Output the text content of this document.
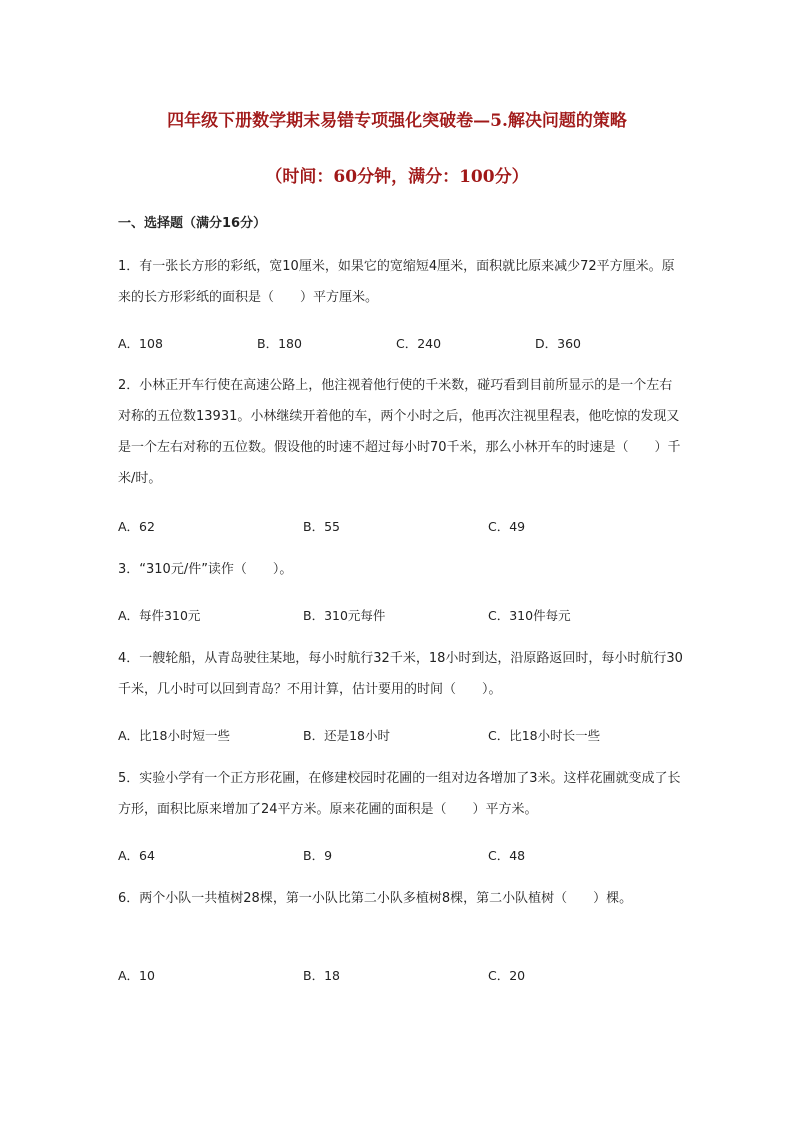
四年级下册数学期末易错专项强化突破卷—5.解决问题的策略
（时间：60分钟，满分：100分）
一、选择题（满分16分）
1．有一张长方形的彩纸，宽10厘米，如果它的宽缩短4厘米，面积就比原来减少72平方厘米。原来的长方形彩纸的面积是（　　）平方厘米。
A．108	B．180	C．240	D．360
2．小林正开车行使在高速公路上，他注视着他行使的千米数，碰巧看到目前所显示的是一个左右对称的五位数13931。小林继续开着他的车，两个小时之后，他再次注视里程表，他吃惊的发现又是一个左右对称的五位数。假设他的时速不超过每小时70千米，那么小林开车的时速是（　　）千米/时。
A．62	B．55	C．49
3．“310元/件”读作（　　）。
A．每件310元	B．310元每件	C．310件每元
4．一艘轮船，从青岛驶往某地，每小时航行32千米，18小时到达，沿原路返回时，每小时航行30千米，几小时可以回到青岛？不用计算，估计要用的时间（　　）。
A．比18小时短一些	B．还是18小时	C．比18小时长一些
5．实验小学有一个正方形花圃，在修建校园时花圃的一组对边各增加了3米。这样花圃就变成了长方形，面积比原来增加了24平方米。原来花圃的面积是（　　）平方米。
A．64	B．9	C．48
6．两个小队一共植树28棵，第一小队比第二小队多植树8棵，第二小队植树（　　）棵。
A．10	B．18	C．20
